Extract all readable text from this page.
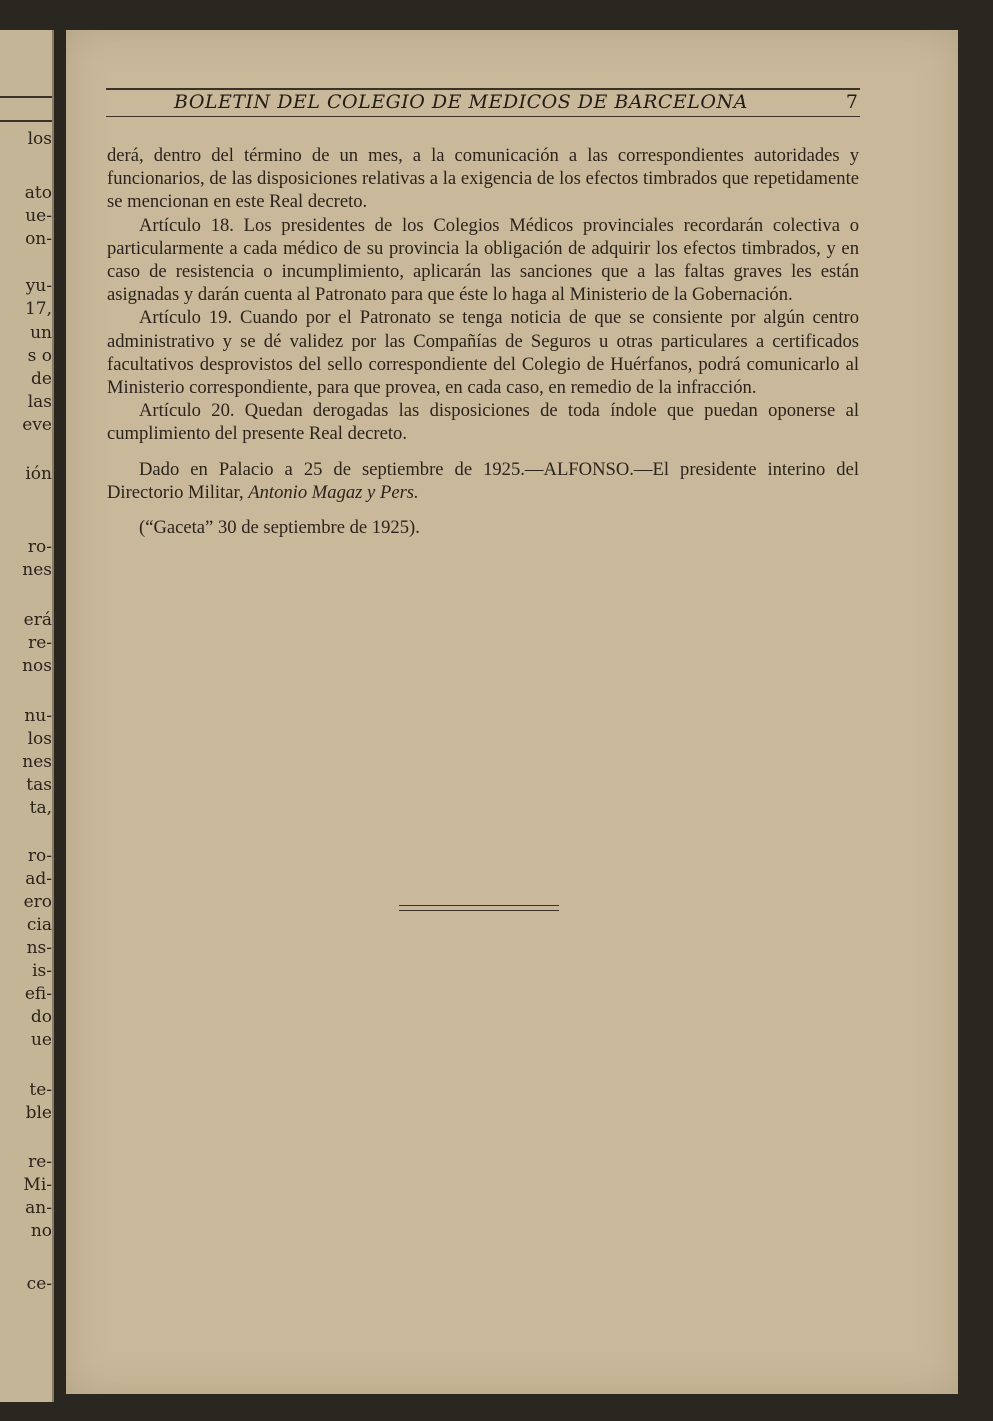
los
ato
ue-
on-
yu-
17,
un
s o
de
las
eve
ión
ro-
nes
erá
re-
nos
nu-
los
nes
tas
ta,
ro-
ad-
ero
cia
ns-
is-
efi-
do
ue
te-
ble
re-
Mi-
an-
no
ce-
BOLETIN DEL COLEGIO DE MEDICOS DE BARCELONA	7

derá, dentro del término de un mes, a la comunicación a las correspondientes autoridades y funcionarios, de las disposiciones relativas a la exigencia de los efectos timbrados que repetidamente se mencionan en este Real decreto.

Artículo 18. Los presidentes de los Colegios Médicos provinciales recordarán colectiva o particularmente a cada médico de su provincia la obligación de adquirir los efectos timbrados, y en caso de resistencia o incumplimiento, aplicarán las sanciones que a las faltas graves les están asignadas y darán cuenta al Patronato para que éste lo haga al Ministerio de la Gobernación.

Artículo 19. Cuando por el Patronato se tenga noticia de que se consiente por algún centro administrativo y se dé validez por las Compañías de Seguros u otras particulares a certificados facultativos desprovistos del sello correspondiente del Colegio de Huérfanos, podrá comunicarlo al Ministerio correspondiente, para que provea, en cada caso, en remedio de la infracción.

Artículo 20. Quedan derogadas las disposiciones de toda índole que puedan oponerse al cumplimiento del presente Real decreto.

Dado en Palacio a 25 de septiembre de 1925.—ALFONSO.—El presidente interino del Directorio Militar, Antonio Magaz y Pers.

(“Gaceta” 30 de septiembre de 1925).
